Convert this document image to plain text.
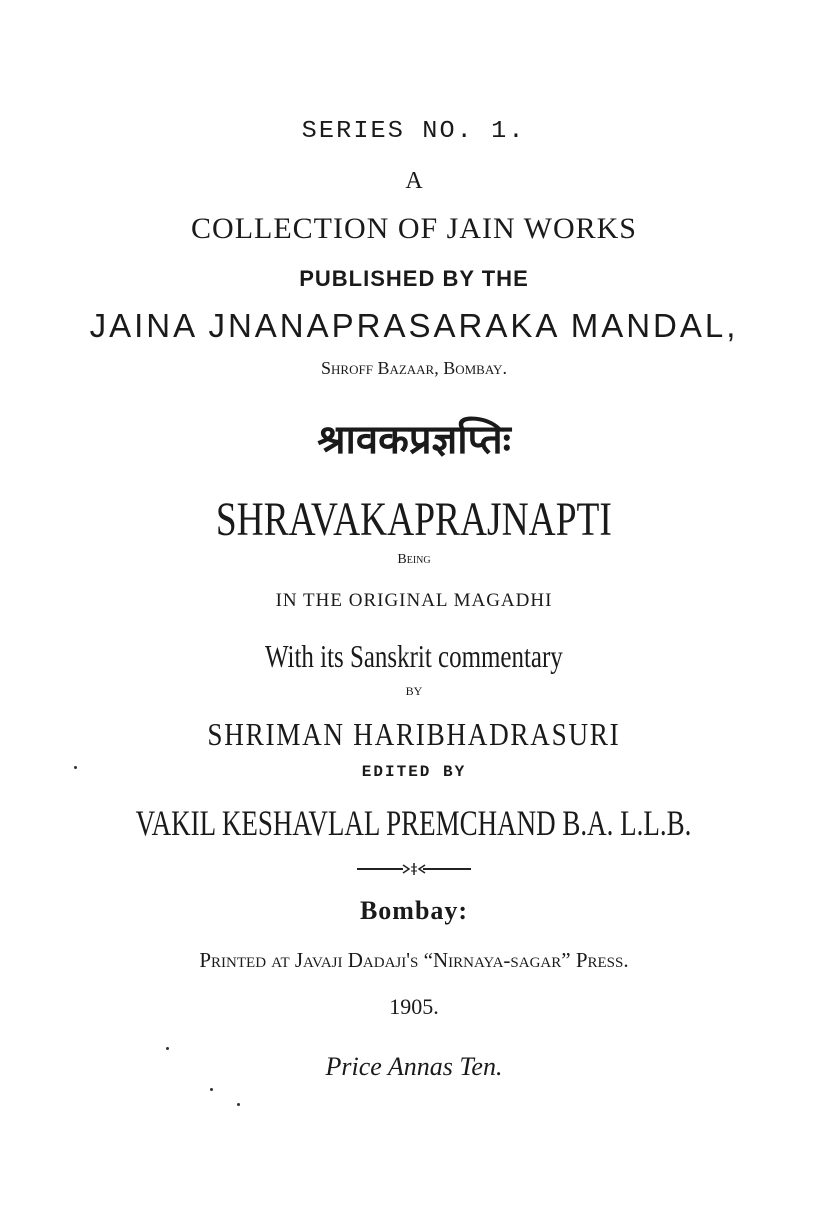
SERIES NO. 1.
A
COLLECTION OF JAIN WORKS
PUBLISHED BY THE
JAINA JNANAPRASARAKA MANDAL,
Shroff Bazaar, Bombay.
श्रावकप्रज्ञप्तिः
SHRAVAKAPRAJNAPTI
Being
IN THE ORIGINAL MAGADHI
With its Sanskrit commentary
BY
SHRIMAN HARIBHADRASURI
EDITED BY
VAKIL KESHAVLAL PREMCHAND B.A. L.L.B.
Bombay:
Printed at Javaji Dadaji's “Nirnaya-sagar” Press.
1905.
Price Annas Ten.
